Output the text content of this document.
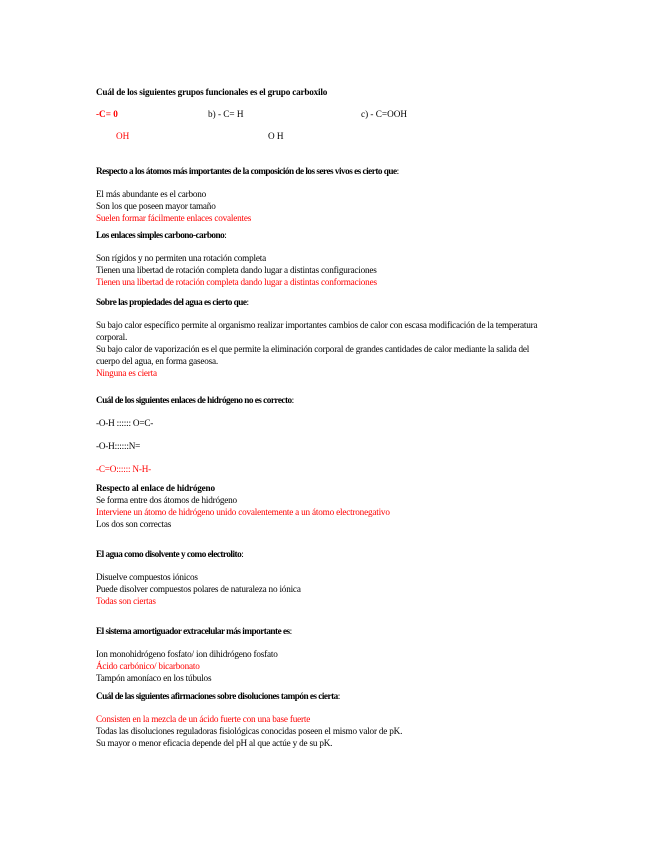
Cuál de los siguientes grupos funcionales es el grupo carboxilo
-C= 0	b) - C= H	c) - C=OOH
OH	O H
Respecto a los átomos más importantes de la composición de los seres vivos es cierto que:
El más abundante es el carbono
Son los que poseen mayor tamaño
Suelen formar fácilmente enlaces covalentes
Los enlaces simples carbono-carbono:
Son rígidos y no permiten una rotación completa
Tienen una libertad de rotación completa dando lugar a distintas configuraciones
Tienen una libertad de rotación completa dando lugar a distintas conformaciones
Sobre las propiedades del agua es cierto que:
Su bajo calor específico permite al organismo realizar importantes cambios de calor con escasa modificación de la temperatura corporal.
Su bajo calor de vaporización es el que permite la eliminación corporal de grandes cantidades de calor mediante la salida del cuerpo del agua, en forma gaseosa.
Ninguna es cierta
Cuál de los siguientes enlaces de hidrógeno no es correcto:
-O-H :::::: O=C-
-O-H::::::N=
-C=O:::::: N-H-
Respecto al enlace de hidrógeno
Se forma entre dos átomos de hidrógeno
Interviene un átomo de hidrógeno unido covalentemente a un átomo electronegativo
Los dos son correctas
El agua como disolvente y como electrolito:
Disuelve compuestos iónicos
Puede disolver compuestos polares de naturaleza no iónica
Todas son ciertas
El sistema amortiguador extracelular más importante es:
Ion monohidrógeno fosfato/ ion dihidrógeno fosfato
Ácido carbónico/ bicarbonato
Tampón amoníaco en los túbulos
Cuál de las siguientes afirmaciones sobre disoluciones tampón es cierta:
Consisten en la mezcla de un ácido fuerte con una base fuerte
Todas las disoluciones reguladoras fisiológicas conocidas poseen el mismo valor de pK.
Su mayor o menor eficacia depende del pH al que actúe y de su pK.
